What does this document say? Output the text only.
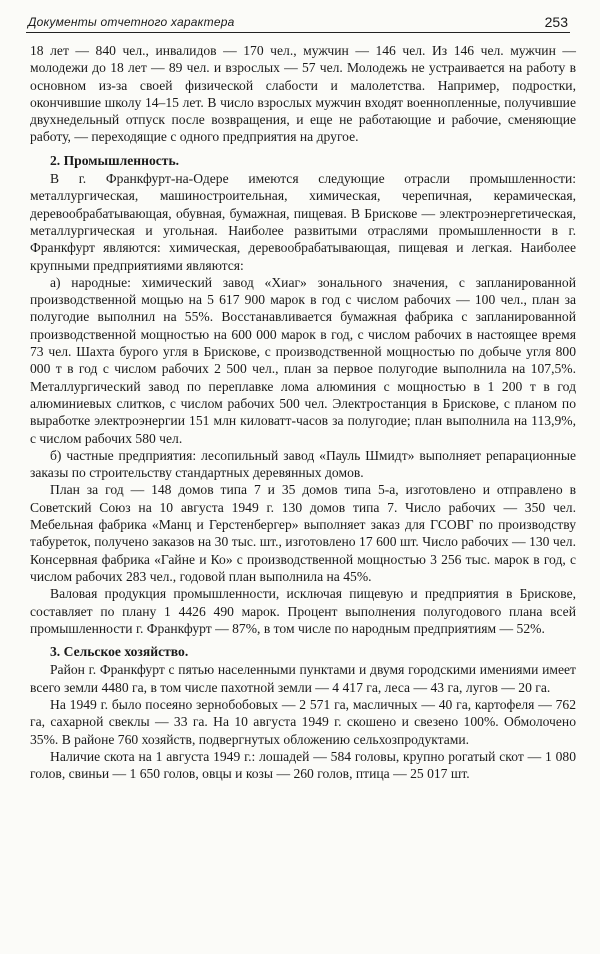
Документы отчетного характера	253

18 лет — 840 чел., инвалидов — 170 чел., мужчин — 146 чел. Из 146 чел. мужчин — молодежи до 18 лет — 89 чел. и взрослых — 57 чел. Молодежь не устраивается на работу в основном из-за своей физической слабости и малолетства. Например, подростки, окончившие школу 14–15 лет. В число взрослых мужчин входят военнопленные, получившие двухнедельный отпуск после возвращения, и еще не работающие и рабочие, сменяющие работу, — переходящие с одного предприятия на другое.

2. Промышленность.

В г. Франкфурт-на-Одере имеются следующие отрасли промышленности: металлургическая, машиностроительная, химическая, черепичная, керамическая, деревообрабатывающая, обувная, бумажная, пищевая. В Брискове — электроэнергетическая, металлургическая и угольная. Наиболее развитыми отраслями промышленности в г. Франкфурт являются: химическая, деревообрабатывающая, пищевая и легкая. Наиболее крупными предприятиями являются:

а) народные: химический завод «Хиаг» зонального значения, с запланированной производственной мощью на 5 617 900 марок в год с числом рабочих — 100 чел., план за полугодие выполнил на 55%. Восстанавливается бумажная фабрика с запланированной производственной мощностью на 600 000 марок в год, с числом рабочих в настоящее время 73 чел. Шахта бурого угля в Брискове, с производственной мощностью по добыче угля 800 000 т в год с числом рабочих 2 500 чел., план за первое полугодие выполнила на 107,5%. Металлургический завод по переплавке лома алюминия с мощностью в 1 200 т в год алюминиевых слитков, с числом рабочих 500 чел. Электростанция в Брискове, с планом по выработке электроэнергии 151 млн киловатт-часов за полугодие; план выполнила на 113,9%, с числом рабочих 580 чел.

б) частные предприятия: лесопильный завод «Пауль Шмидт» выполняет репарационные заказы по строительству стандартных деревянных домов.

План за год — 148 домов типа 7 и 35 домов типа 5-а, изготовлено и отправлено в Советский Союз на 10 августа 1949 г. 130 домов типа 7. Число рабочих — 350 чел. Мебельная фабрика «Манц и Герстенбергер» выполняет заказ для ГСОВГ по производству табуреток, получено заказов на 30 тыс. шт., изготовлено 17 600 шт. Число рабочих — 130 чел. Консервная фабрика «Гайне и Ко» с производственной мощностью 3 256 тыс. марок в год, с числом рабочих 283 чел., годовой план выполнила на 45%.

Валовая продукция промышленности, исключая пищевую и предприятия в Брискове, составляет по плану 1 4426 490 марок. Процент выполнения полугодового плана всей промышленности г. Франкфурт — 87%, в том числе по народным предприятиям — 52%.

3. Сельское хозяйство.

Район г. Франкфурт с пятью населенными пунктами и двумя городскими имениями имеет всего земли 4480 га, в том числе пахотной земли — 4 417 га, леса — 43 га, лугов — 20 га.

На 1949 г. было посеяно зернобобовых — 2 571 га, масличных — 40 га, картофеля — 762 га, сахарной свеклы — 33 га. На 10 августа 1949 г. скошено и свезено 100%. Обмолочено 35%. В районе 760 хозяйств, подвергнутых обложению сельхозпродуктами.

Наличие скота на 1 августа 1949 г.: лошадей — 584 головы, крупно рогатый скот — 1 080 голов, свиньи — 1 650 голов, овцы и козы — 260 голов, птица — 25 017 шт.
